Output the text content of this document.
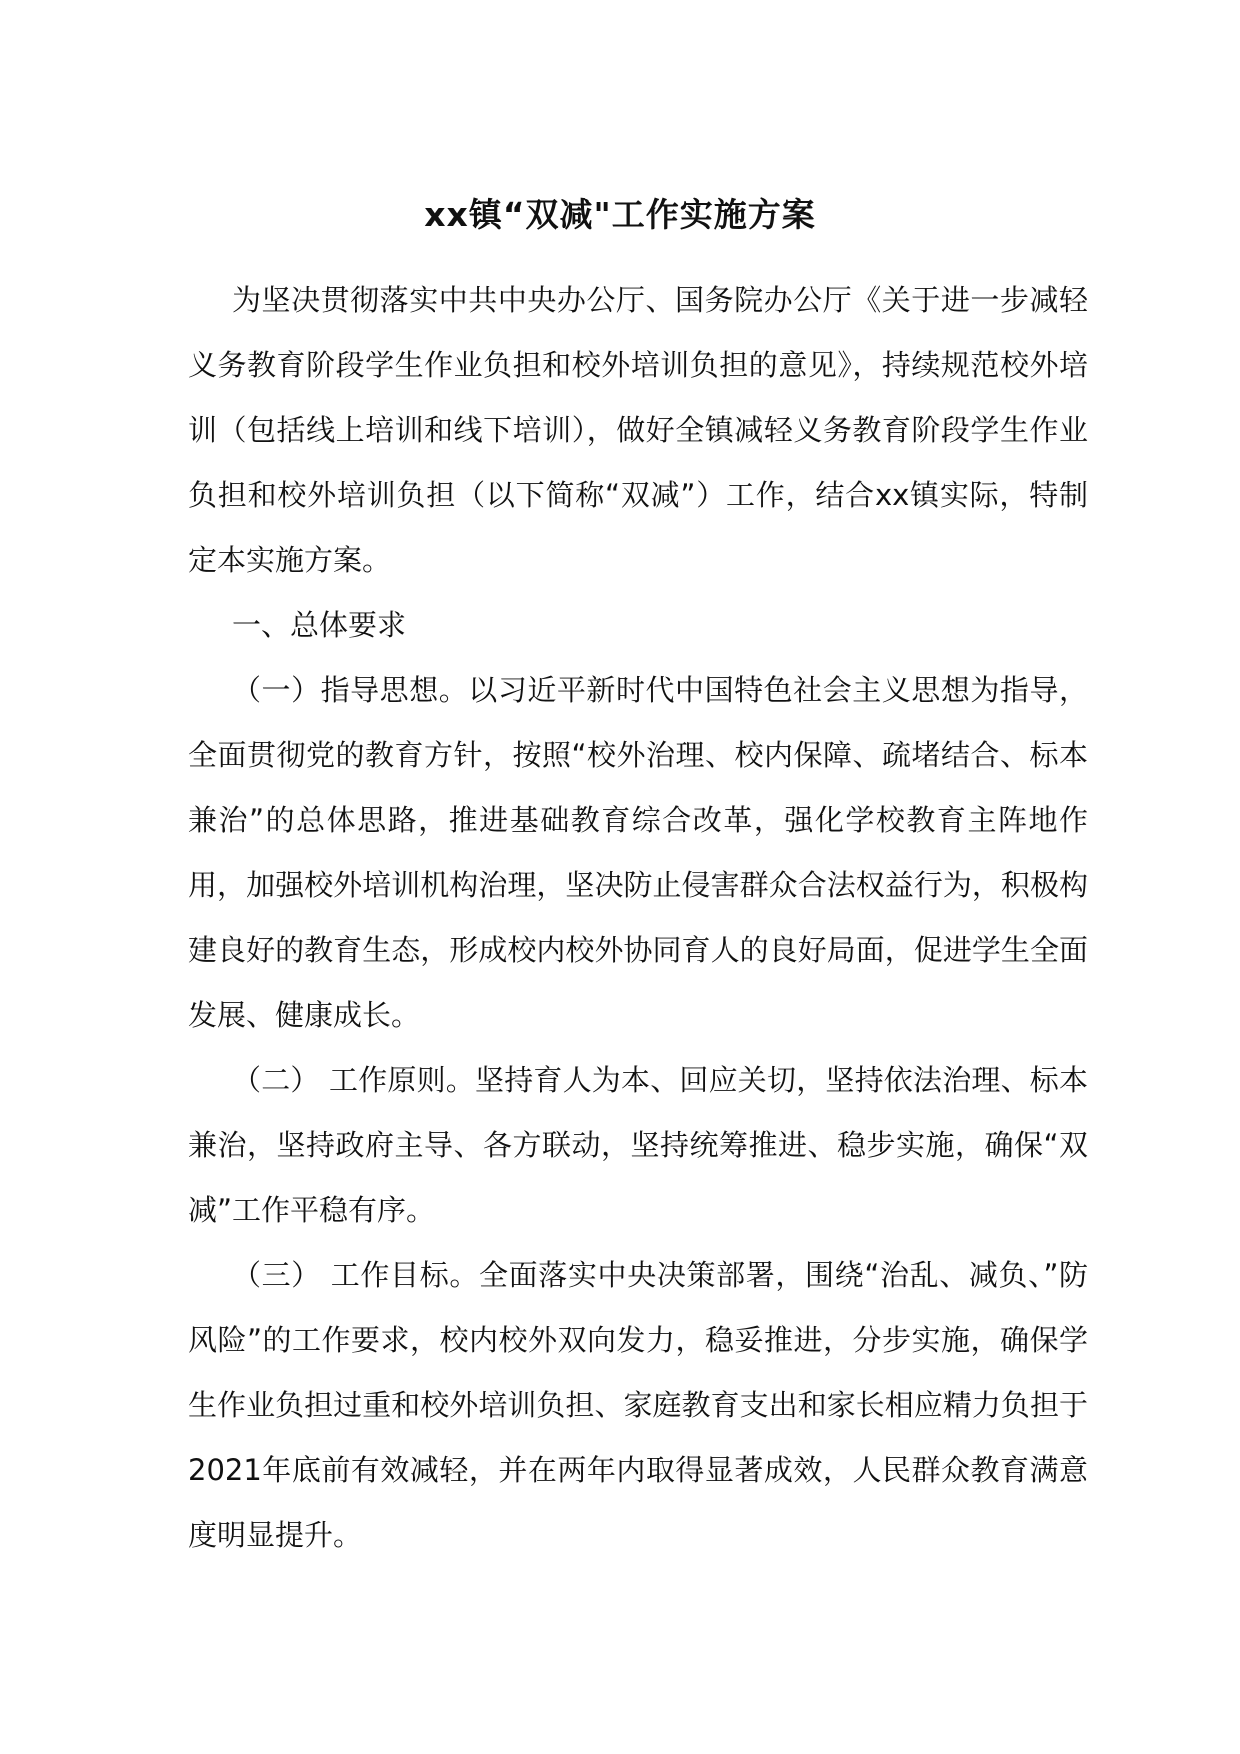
xx镇“双减"工作实施方案

为坚决贯彻落实中共中央办公厅、国务院办公厅《关于进一步减轻义务教育阶段学生作业负担和校外培训负担的意见》，持续规范校外培训（包括线上培训和线下培训），做好全镇减轻义务教育阶段学生作业负担和校外培训负担（以下简称“双减”）工作，结合xx镇实际，特制定本实施方案。

一、总体要求

（一）指导思想。以习近平新时代中国特色社会主义思想为指导，全面贯彻党的教育方针，按照“校外治理、校内保障、疏堵结合、标本兼治”的总体思路，推进基础教育综合改革，强化学校教育主阵地作用，加强校外培训机构治理，坚决防止侵害群众合法权益行为，积极构建良好的教育生态，形成校内校外协同育人的良好局面，促进学生全面发展、健康成长。

（二） 工作原则。坚持育人为本、回应关切，坚持依法治理、标本兼治，坚持政府主导、各方联动，坚持统筹推进、稳步实施，确保“双减”工作平稳有序。

（三） 工作目标。全面落实中央决策部署，围绕“治乱、减负、”防风险”的工作要求，校内校外双向发力，稳妥推进，分步实施，确保学生作业负担过重和校外培训负担、家庭教育支出和家长相应精力负担于2021年底前有效减轻，并在两年内取得显著成效，人民群众教育满意度明显提升。
